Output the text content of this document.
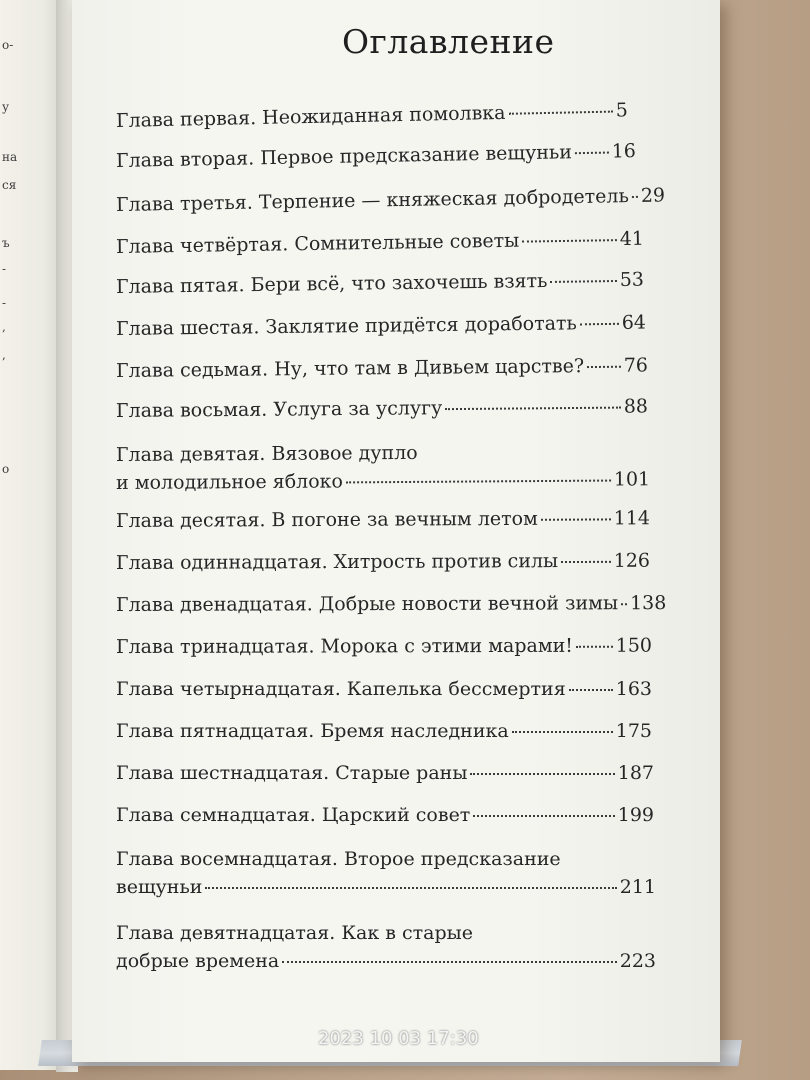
о-
у
на
ся
ъ
-
-
,
,
о
Оглавление
Глава первая. Неожиданная помолвка	5
Глава вторая. Первое предсказание вещуньи 16
Глава третья. Терпение — княжеская добродетель 29
Глава четвёртая. Сомнительные советы	41
Глава пятая. Бери всё, что захочешь взять	53
Глава шестая. Заклятие придётся доработать 64
Глава седьмая. Ну, что там в Дивьем царстве? 76
Глава восьмая. Услуга за услугу	88
Глава девятая. Вязовое дупло
и молодильное яблоко	101
Глава десятая. В погоне за вечным летом	114
Глава одиннадцатая. Хитрость против силы	126
Глава двенадцатая. Добрые новости вечной зимы 138
Глава тринадцатая. Морока с этими марами! 150
Глава четырнадцатая. Капелька бессмертия	163
Глава пятнадцатая. Бремя наследника	175
Глава шестнадцатая. Старые раны	187
Глава семнадцатая. Царский совет	199
Глава восемнадцатая. Второе предсказание
вещуньи	211
Глава девятнадцатая. Как в старые
добрые времена	223
2023 10 03 17:30
